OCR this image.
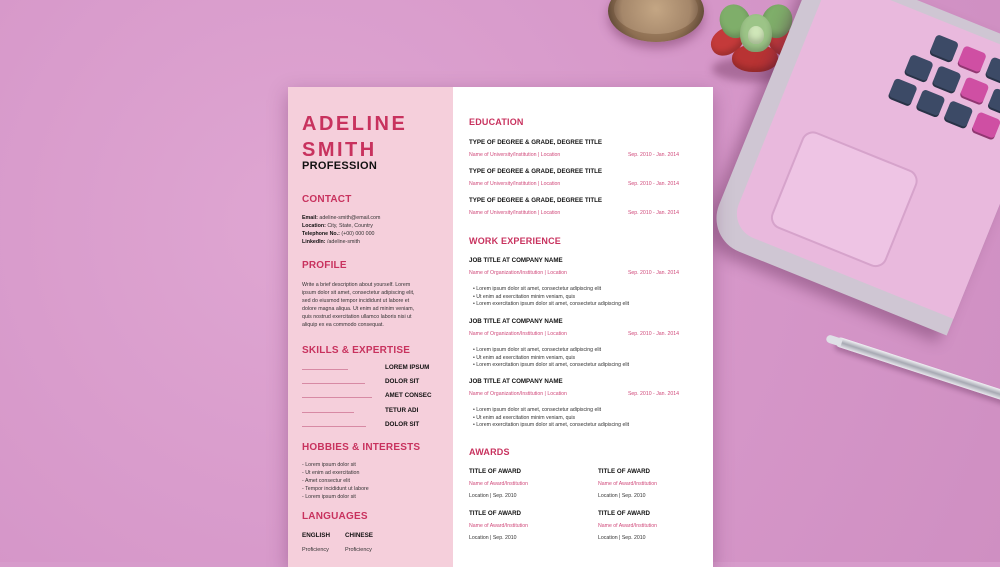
ADELINE
SMITH
PROFESSION
CONTACT
Email: adeline-smith@email.com
Location: City, State, Country
Telephone No.: (+00) 000 000
LinkedIn: /adeline-smith
PROFILE
Write a brief description about yourself. Lorem
ipsum dolor sit amet, consectetur adipiscing elit,
sed do eiusmod tempor incididunt ut labore et
dolore magna aliqua. Ut enim ad minim veniam,
quis nostrud exercitation ullamco laboris nisi ut
aliquip ex ea commodo consequat.
SKILLS & EXPERTISE
LOREM IPSUM
DOLOR SIT
AMET CONSEC
TETUR ADI
DOLOR SIT
HOBBIES & INTERESTS
- Lorem ipsum dolor sit
- Ut enim ad exercitation
- Amet consectur elit
- Tempor incididunt ut labore
- Lorem ipsum dolor sit
LANGUAGES
ENGLISH
Proficiency
CHINESE
Proficiency
EDUCATION
TYPE OF DEGREE & GRADE, DEGREE TITLE
Name of University/Institution | Location	Sep. 2010 - Jan. 2014
TYPE OF DEGREE & GRADE, DEGREE TITLE
Name of University/Institution | Location	Sep. 2010 - Jan. 2014
TYPE OF DEGREE & GRADE, DEGREE TITLE
Name of University/Institution | Location	Sep. 2010 - Jan. 2014
WORK EXPERIENCE
JOB TITLE AT COMPANY NAME
Name of Organization/Institution | Location	Sep. 2010 - Jan. 2014
• Lorem ipsum dolor sit amet, consectetur adipiscing elit
• Ut enim ad exercitation minim veniam, quis
• Lorem exercitation ipsum dolor sit amet, consectetur adipiscing elit
JOB TITLE AT COMPANY NAME
Name of Organization/Institution | Location	Sep. 2010 - Jan. 2014
• Lorem ipsum dolor sit amet, consectetur adipiscing elit
• Ut enim ad exercitation minim veniam, quis
• Lorem exercitation ipsum dolor sit amet, consectetur adipiscing elit
JOB TITLE AT COMPANY NAME
Name of Organization/Institution | Location	Sep. 2010 - Jan. 2014
• Lorem ipsum dolor sit amet, consectetur adipiscing elit
• Ut enim ad exercitation minim veniam, quis
• Lorem exercitation ipsum dolor sit amet, consectetur adipiscing elit
AWARDS
TITLE OF AWARD
Name of Award/Institution
Location | Sep. 2010
TITLE OF AWARD
Name of Award/Institution
Location | Sep. 2010
TITLE OF AWARD
Name of Award/Institution
Location | Sep. 2010
TITLE OF AWARD
Name of Award/Institution
Location | Sep. 2010
